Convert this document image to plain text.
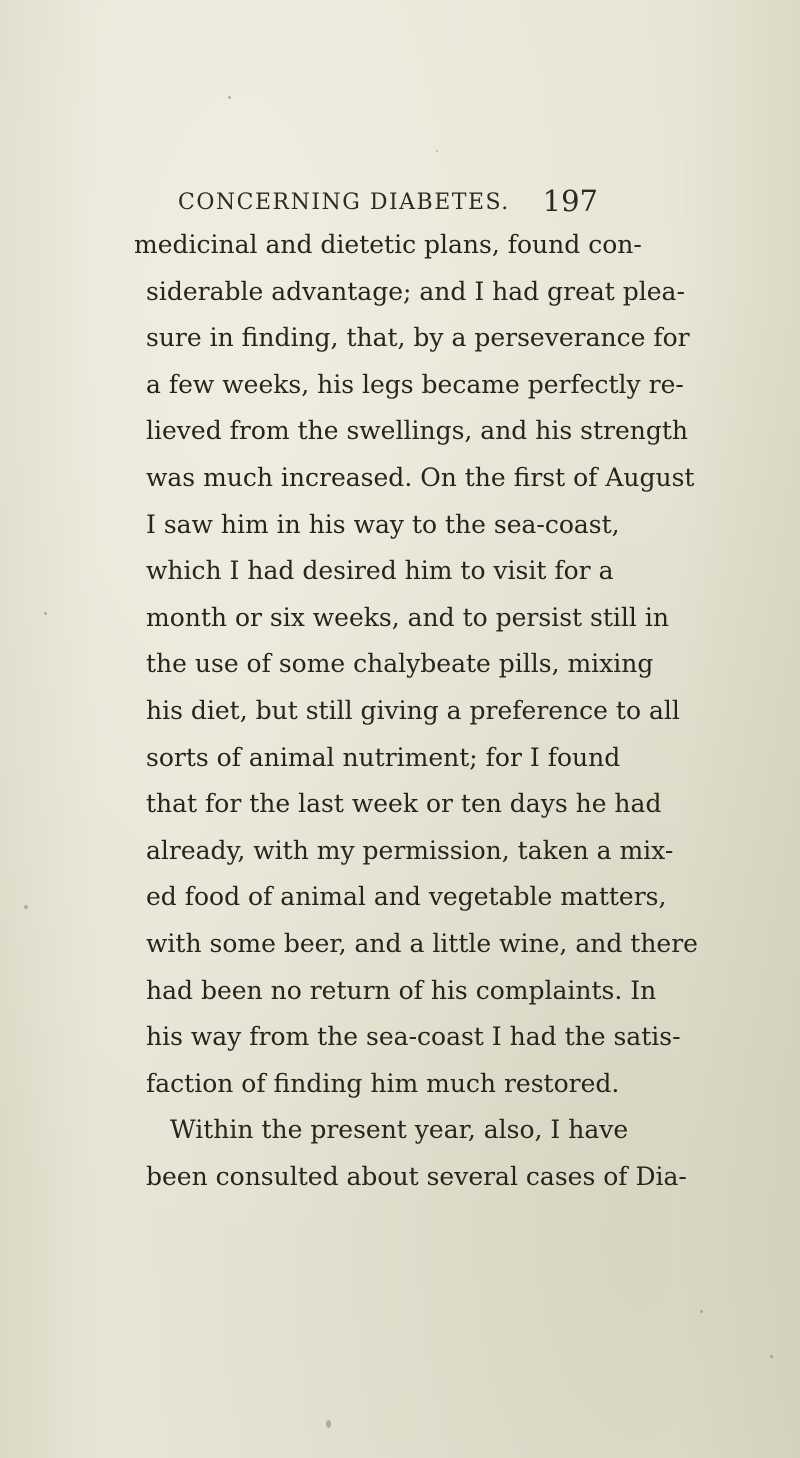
CONCERNING DIABETES. 197
medicinal and dietetic plans, found con-
siderable advantage; and I had great plea-
sure in finding, that, by a perseverance for
a few weeks, his legs became perfectly re-
lieved from the swellings, and his strength
was much increased. On the first of August
I saw him in his way to the sea-coast,
which I had desired him to visit for a
month or six weeks, and to persist still in
the use of some chalybeate pills, mixing
his diet, but still giving a preference to all
sorts of animal nutriment; for I found
that for the last week or ten days he had
already, with my permission, taken a mix-
ed food of animal and vegetable matters,
with some beer, and a little wine, and there
had been no return of his complaints. In
his way from the sea-coast I had the satis-
faction of finding him much restored.
Within the present year, also, I have
been consulted about several cases of Dia-
